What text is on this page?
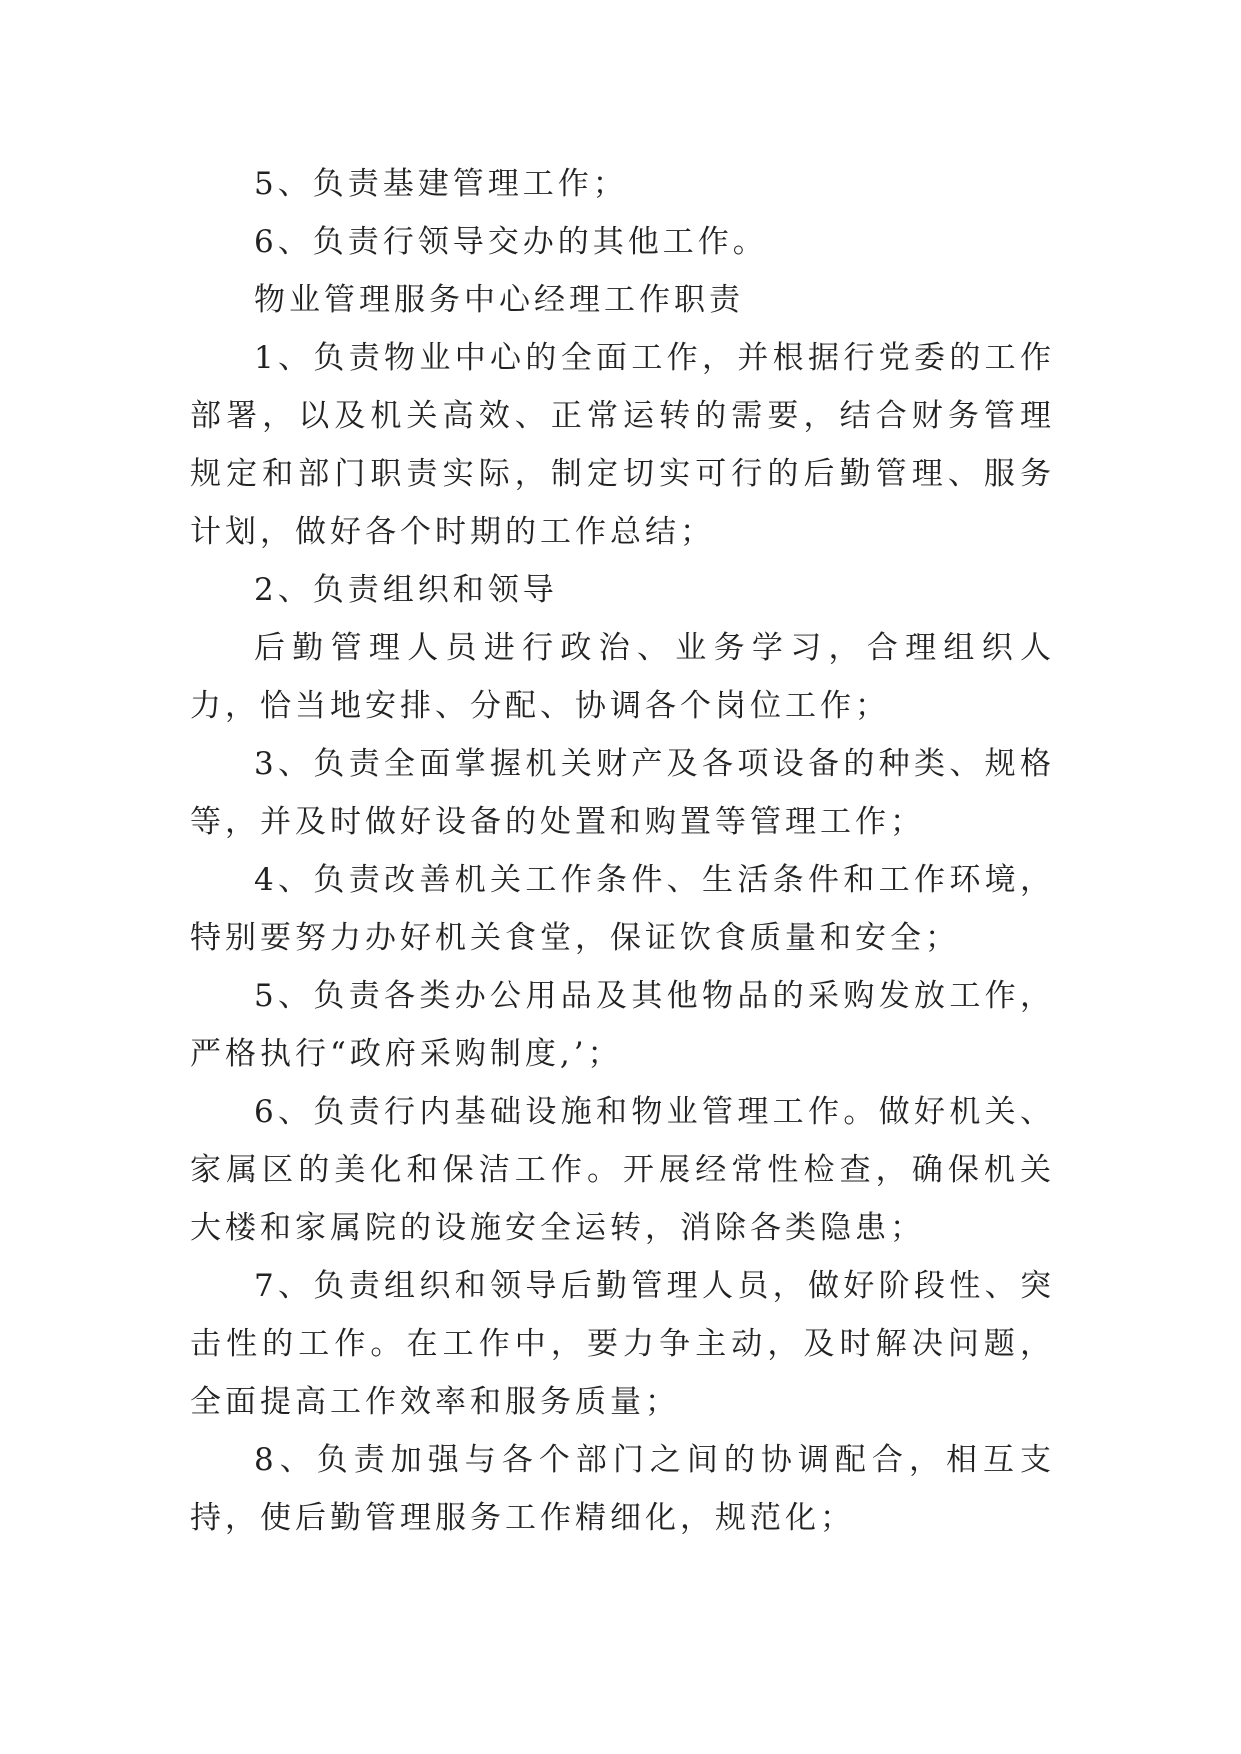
5、负责基建管理工作；

6、负责行领导交办的其他工作。

物业管理服务中心经理工作职责

1、负责物业中心的全面工作，并根据行党委的工作部署，以及机关高效、正常运转的需要，结合财务管理规定和部门职责实际，制定切实可行的后勤管理、服务计划，做好各个时期的工作总结；

2、负责组织和领导

后勤管理人员进行政治、业务学习，合理组织人力，恰当地安排、分配、协调各个岗位工作；

3、负责全面掌握机关财产及各项设备的种类、规格等，并及时做好设备的处置和购置等管理工作；

4、负责改善机关工作条件、生活条件和工作环境，特别要努力办好机关食堂，保证饮食质量和安全；

5、负责各类办公用品及其他物品的采购发放工作，严格执行“政府采购制度,’；

6、负责行内基础设施和物业管理工作。做好机关、家属区的美化和保洁工作。开展经常性检查，确保机关大楼和家属院的设施安全运转，消除各类隐患；

7、负责组织和领导后勤管理人员，做好阶段性、突击性的工作。在工作中，要力争主动，及时解决问题，全面提高工作效率和服务质量；

8、负责加强与各个部门之间的协调配合，相互支持，使后勤管理服务工作精细化，规范化；
